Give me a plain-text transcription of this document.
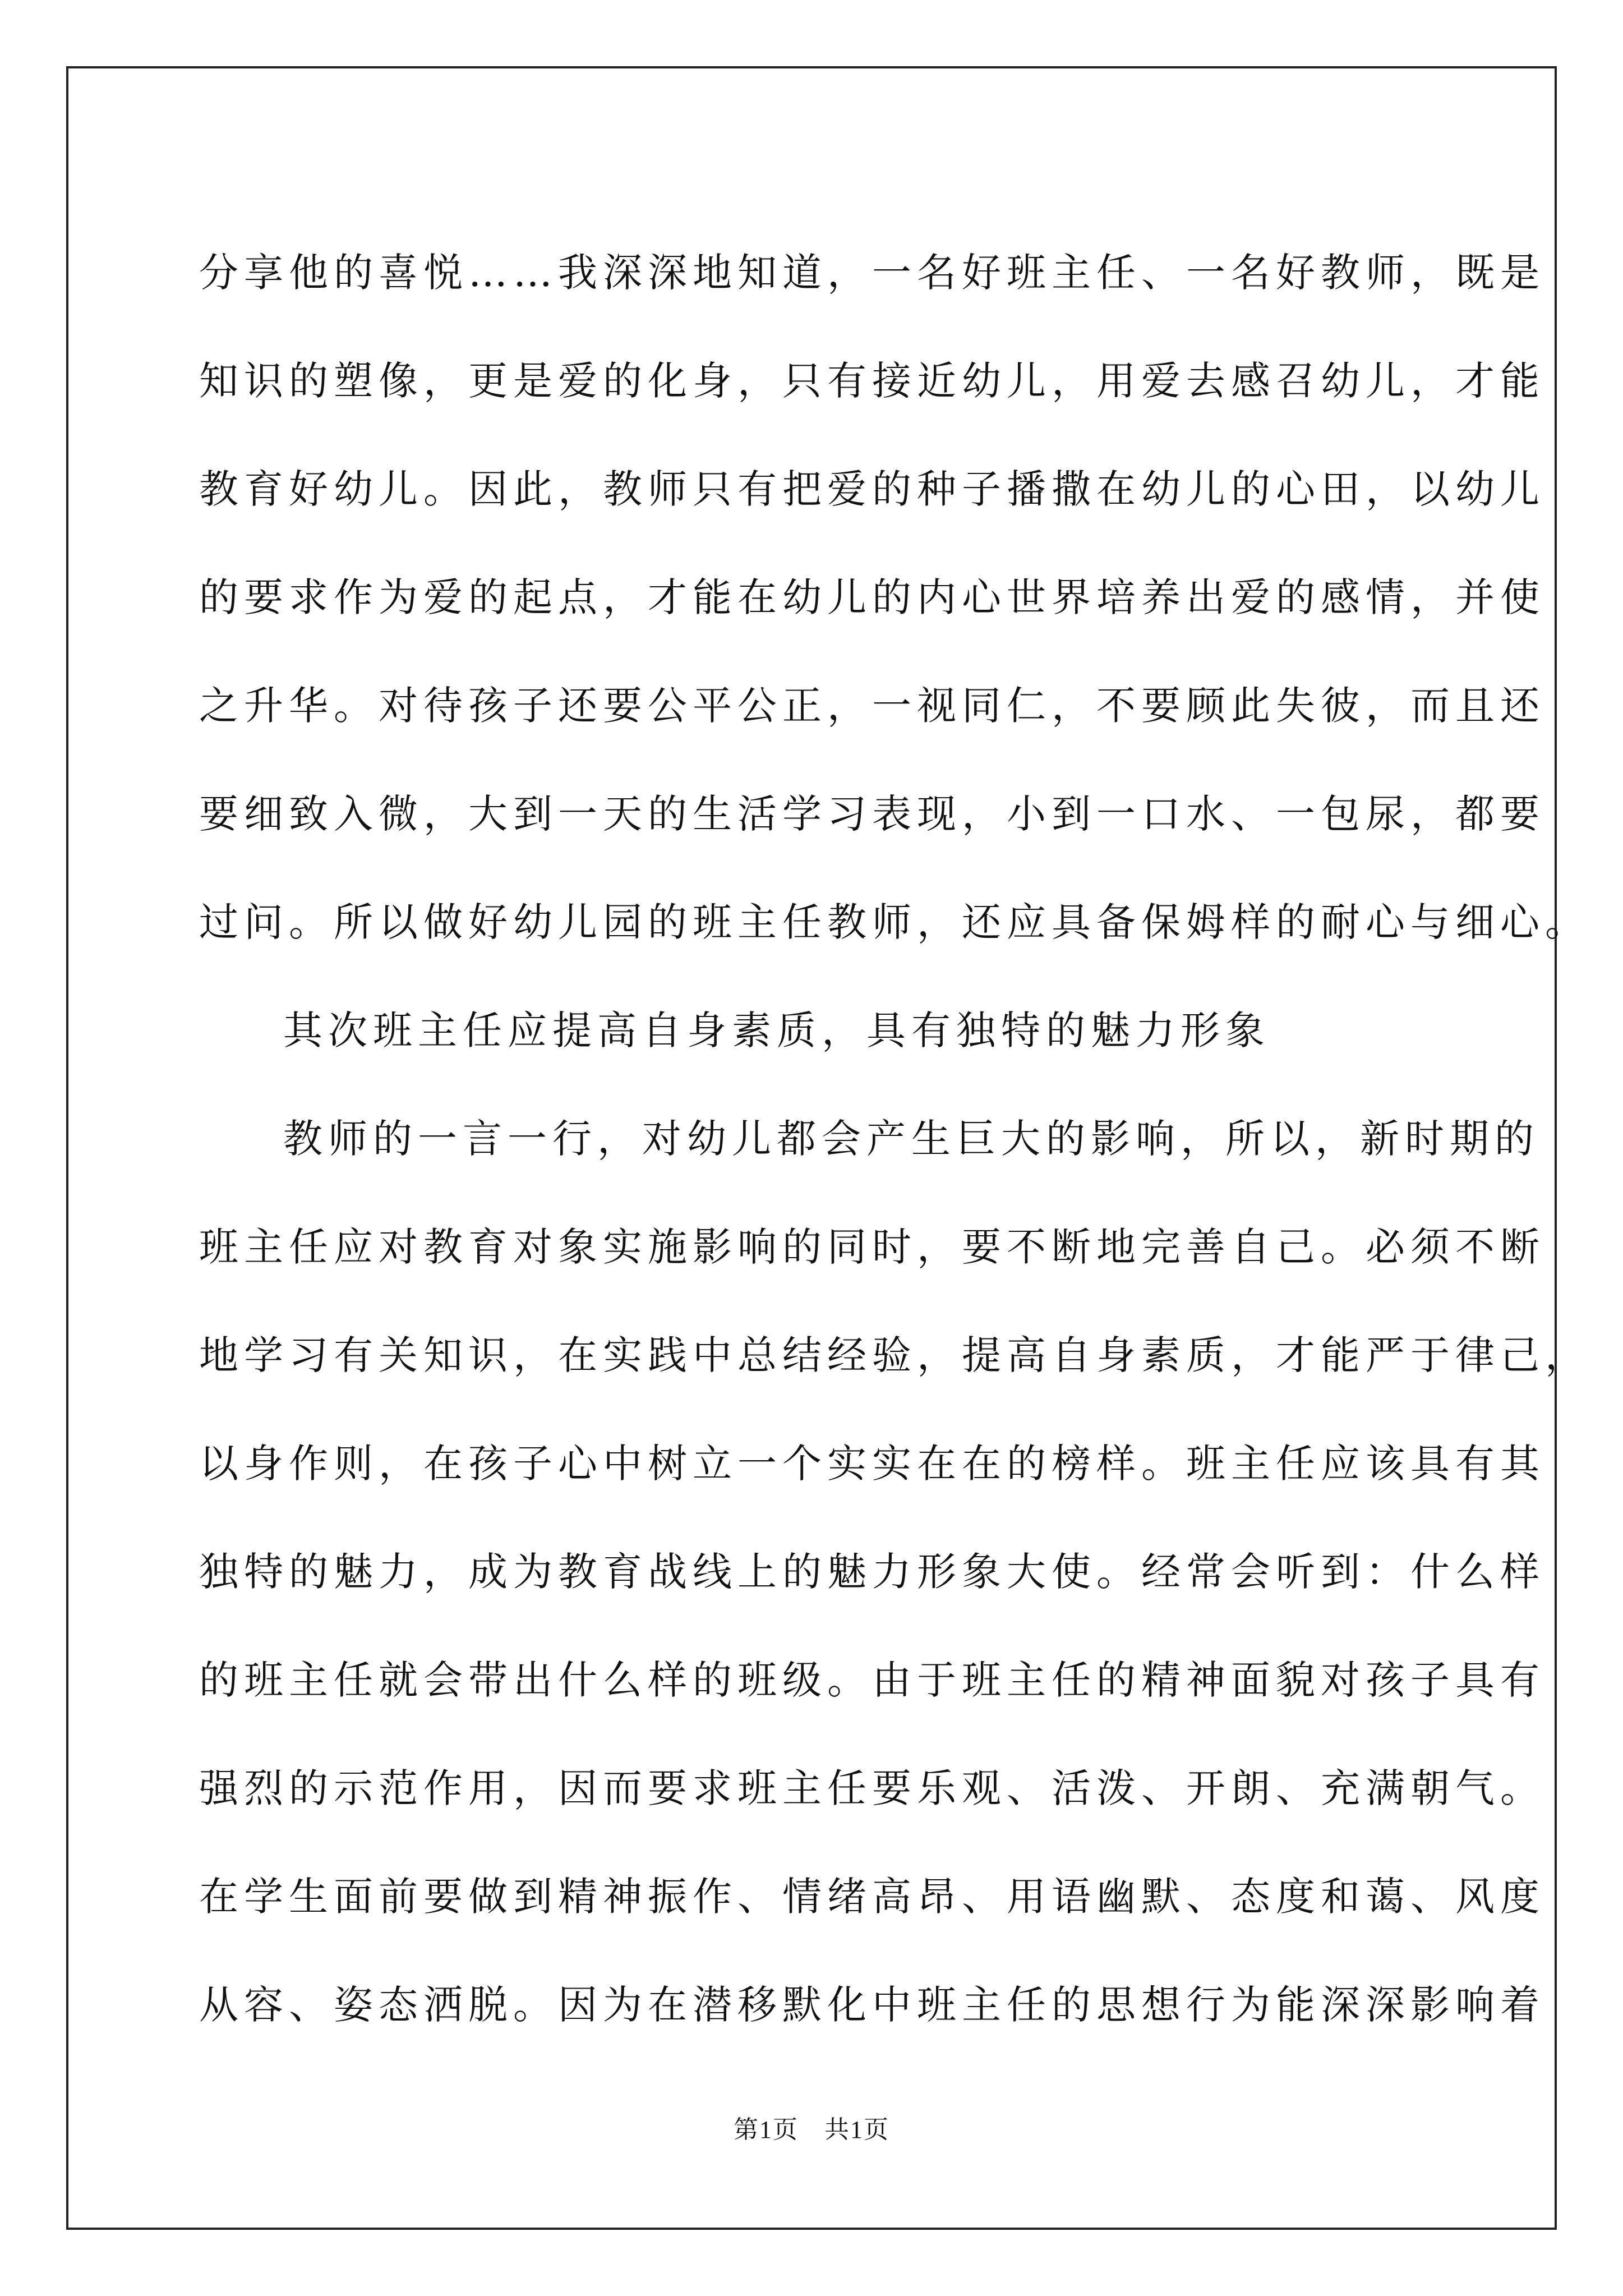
分享他的喜悦……我深深地知道，一名好班主任、一名好教师，既是
知识的塑像，更是爱的化身，只有接近幼儿，用爱去感召幼儿，才能
教育好幼儿。因此，教师只有把爱的种子播撒在幼儿的心田，以幼儿
的要求作为爱的起点，才能在幼儿的内心世界培养出爱的感情，并使
之升华。对待孩子还要公平公正，一视同仁，不要顾此失彼，而且还
要细致入微，大到一天的生活学习表现，小到一口水、一包尿，都要
过问。所以做好幼儿园的班主任教师，还应具备保姆样的耐心与细心。
其次班主任应提高自身素质，具有独特的魅力形象
教师的一言一行，对幼儿都会产生巨大的影响，所以，新时期的
班主任应对教育对象实施影响的同时，要不断地完善自己。必须不断
地学习有关知识，在实践中总结经验，提高自身素质，才能严于律己，
以身作则，在孩子心中树立一个实实在在的榜样。班主任应该具有其
独特的魅力，成为教育战线上的魅力形象大使。经常会听到：什么样
的班主任就会带出什么样的班级。由于班主任的精神面貌对孩子具有
强烈的示范作用，因而要求班主任要乐观、活泼、开朗、充满朝气。
在学生面前要做到精神振作、情绪高昂、用语幽默、态度和蔼、风度
从容、姿态洒脱。因为在潜移默化中班主任的思想行为能深深影响着
第1页　共1页
